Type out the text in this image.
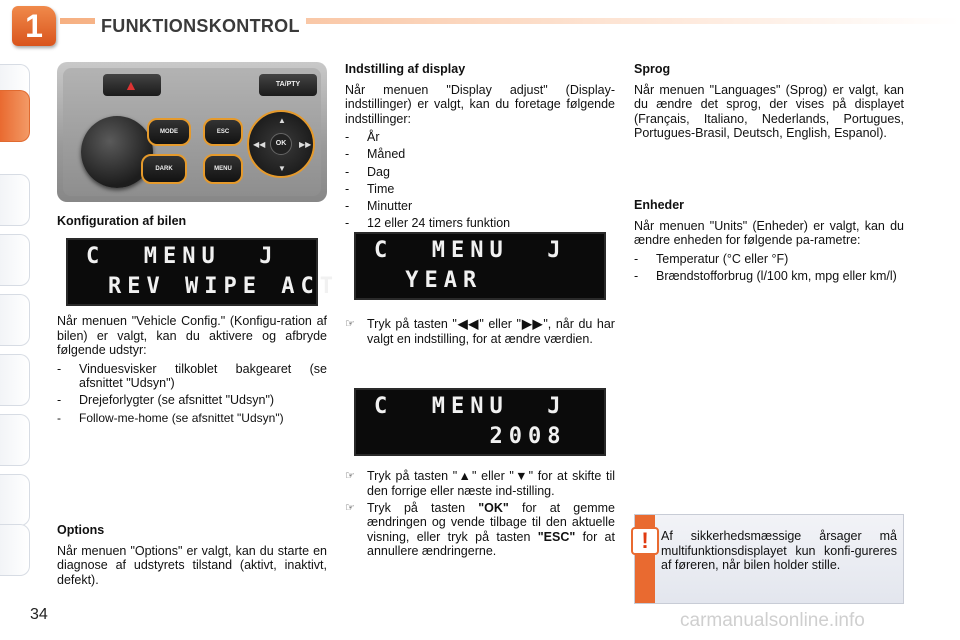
1	FUNKTIONSKONTROL
▲	TA/PTY
MODE
DARK
ESC
MENU
▲
▼
◀◀	▶▶
OK
Konfiguration af bilen
C  MENU  J
REV WIPE ACT

Når menuen "Vehicle Config." (Konfigu-ration af bilen) er valgt, kan du aktivere og afbryde følgende udstyr:

- Vinduesvisker tilkoblet bakgearet (se afsnittet "Udsyn")
- Drejeforlygter (se afsnittet "Udsyn")
- Follow-me-home (se afsnittet "Udsyn")
Options

Når menuen "Options" er valgt, kan du starte en diagnose af udstyrets tilstand (aktivt, inaktivt, defekt).

Indstilling af display

Når menuen "Display adjust" (Display-indstillinger) er valgt, kan du foretage følgende indstillinger:

- År
- Måned
- Dag
- Time
- Minutter
- 12 eller 24 timers funktion
C  MENU  J
YEAR
☞ Tryk på tasten "◀◀" eller "▶▶", når du har valgt en indstilling, for at ændre værdien.
C  MENU  J
2008
☞ Tryk på tasten "▲" eller "▼" for at skifte til den forrige eller næste ind-stilling.
☞ Tryk på tasten "OK" for at gemme ændringen og vende tilbage til den aktuelle visning, eller tryk på tasten "ESC" for at annullere ændringerne.
Sprog

Når menuen "Languages" (Sprog) er valgt, kan du ændre det sprog, der vises på displayet (Français, Italiano, Nederlands, Portugues, Portugues-Brasil, Deutsch, English, Espanol).

Enheder

Når menuen "Units" (Enheder) er valgt, kan du ændre enheden for følgende pa-rametre:

- Temperatur (°C eller °F)
- Brændstofforbrug (l/100 km, mpg eller km/l)
! Af sikkerhedsmæssige årsager må multifunktionsdisplayet kun konfi-gureres af føreren, når bilen holder stille.
34	carmanualsonline.info
